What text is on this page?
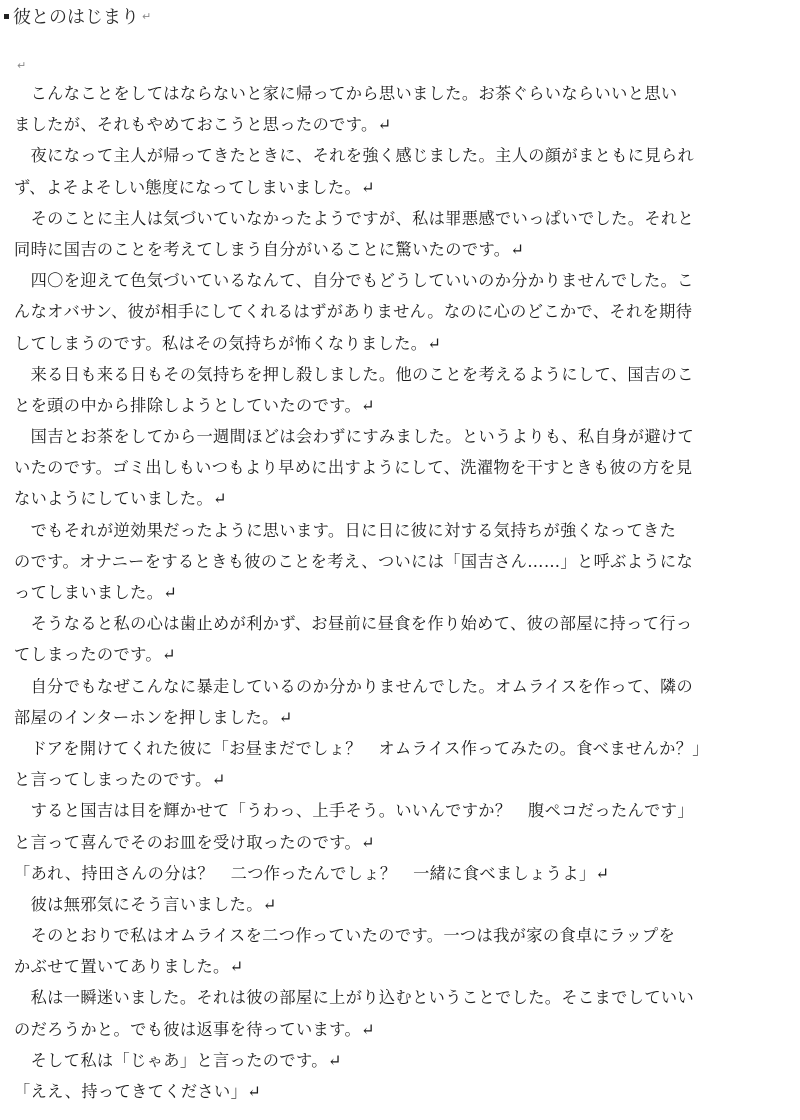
彼とのはじまり ↵
↵
　こんなことをしてはならないと家に帰ってから思いました。お茶ぐらいならいいと思い
ましたが、それもやめておこうと思ったのです。↵
　夜になって主人が帰ってきたときに、それを強く感じました。主人の顔がまともに見られ
ず、よそよそしい態度になってしまいました。↵
　そのことに主人は気づいていなかったようですが、私は罪悪感でいっぱいでした。それと
同時に国吉のことを考えてしまう自分がいることに驚いたのです。↵
　四〇を迎えて色気づいているなんて、自分でもどうしていいのか分かりませんでした。こ
んなオバサン、彼が相手にしてくれるはずがありません。なのに心のどこかで、それを期待
してしまうのです。私はその気持ちが怖くなりました。↵
　来る日も来る日もその気持ちを押し殺しました。他のことを考えるようにして、国吉のこ
とを頭の中から排除しようとしていたのです。↵
　国吉とお茶をしてから一週間ほどは会わずにすみました。というよりも、私自身が避けて
いたのです。ゴミ出しもいつもより早めに出すようにして、洗濯物を干すときも彼の方を見
ないようにしていました。↵
　でもそれが逆効果だったように思います。日に日に彼に対する気持ちが強くなってきた
のです。オナニーをするときも彼のことを考え、ついには「国吉さん……」と呼ぶようにな
ってしまいました。↵
　そうなると私の心は歯止めが利かず、お昼前に昼食を作り始めて、彼の部屋に持って行っ
てしまったのです。↵
　自分でもなぜこんなに暴走しているのか分かりませんでした。オムライスを作って、隣の
部屋のインターホンを押しました。↵
　ドアを開けてくれた彼に「お昼まだでしょ？　オムライス作ってみたの。食べませんか？」
と言ってしまったのです。↵
　すると国吉は目を輝かせて「うわっ、上手そう。いいんですか？　腹ペコだったんです」
と言って喜んでそのお皿を受け取ったのです。↵
「あれ、持田さんの分は？　二つ作ったんでしょ？　一緒に食べましょうよ」↵
　彼は無邪気にそう言いました。↵
　そのとおりで私はオムライスを二つ作っていたのです。一つは我が家の食卓にラップを
かぶせて置いてありました。↵
　私は一瞬迷いました。それは彼の部屋に上がり込むということでした。そこまでしていい
のだろうかと。でも彼は返事を待っています。↵
　そして私は「じゃあ」と言ったのです。↵
「ええ、持ってきてください」↵
